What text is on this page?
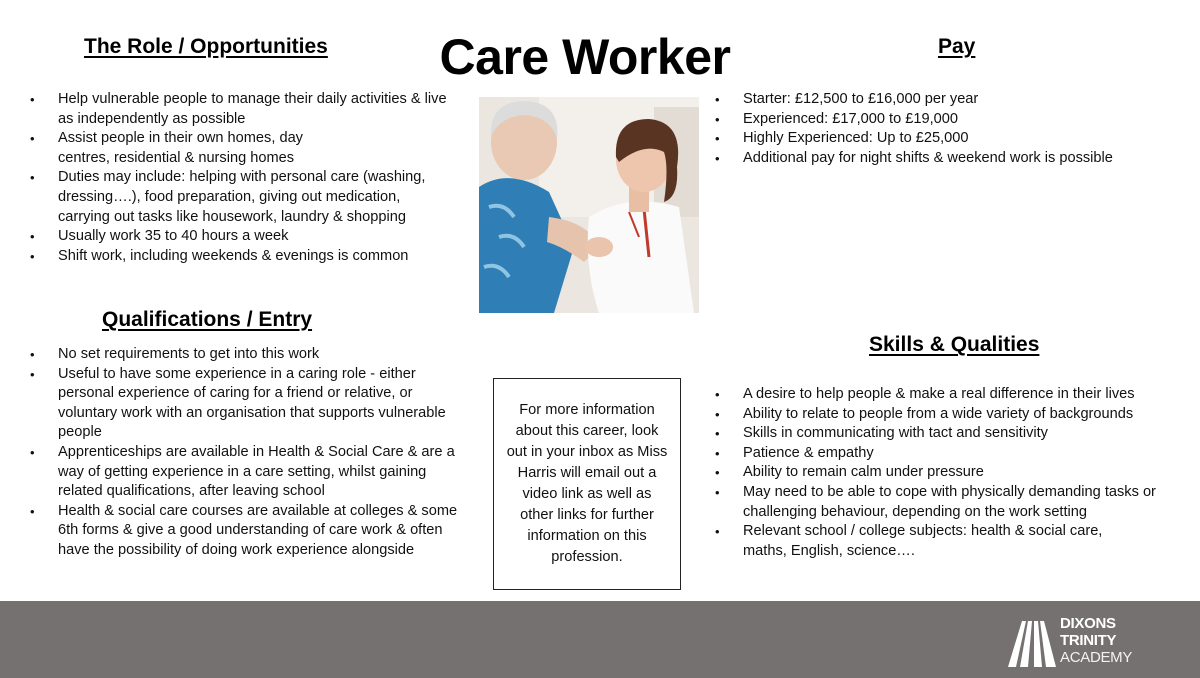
Care Worker
The Role / Opportunities
• Help vulnerable people to manage their daily activities & live as independently as possible
• Assist people in their own homes, day centres, residential & nursing homes
• Duties may include: helping with personal care (washing, dressing….), food preparation, giving out medication, carrying out tasks like housework, laundry & shopping
• Usually work 35 to 40 hours a week
• Shift work, including weekends & evenings is common
Pay
• Starter: £12,500 to £16,000 per year
• Experienced: £17,000 to £19,000
• Highly Experienced: Up to £25,000
• Additional pay for night shifts & weekend work is possible
Qualifications / Entry
• No set requirements to get into this work
• Useful to have some experience in a caring role - either personal experience of caring for a friend or relative, or voluntary work with an organisation that supports vulnerable people
• Apprenticeships are available in Health & Social Care & are a way of getting experience in a care setting, whilst gaining related qualifications, after leaving school
• Health & social care courses are available at colleges & some 6th forms & give a good understanding of care work & often have the possibility of doing work experience alongside
For more information about this career, look out in your inbox as Miss Harris will email out a video link as well as other links for further information on this profession.
Skills & Qualities
• A desire to help people & make a real difference in their lives
• Ability to relate to people from a wide variety of backgrounds
• Skills in communicating with tact and sensitivity
• Patience & empathy
• Ability to remain calm under pressure
• May need to be able to cope with physically demanding tasks or challenging behaviour, depending on the work setting
• Relevant school / college subjects: health & social care, maths, English, science….
DIXONS
TRINITY
ACADEMY
